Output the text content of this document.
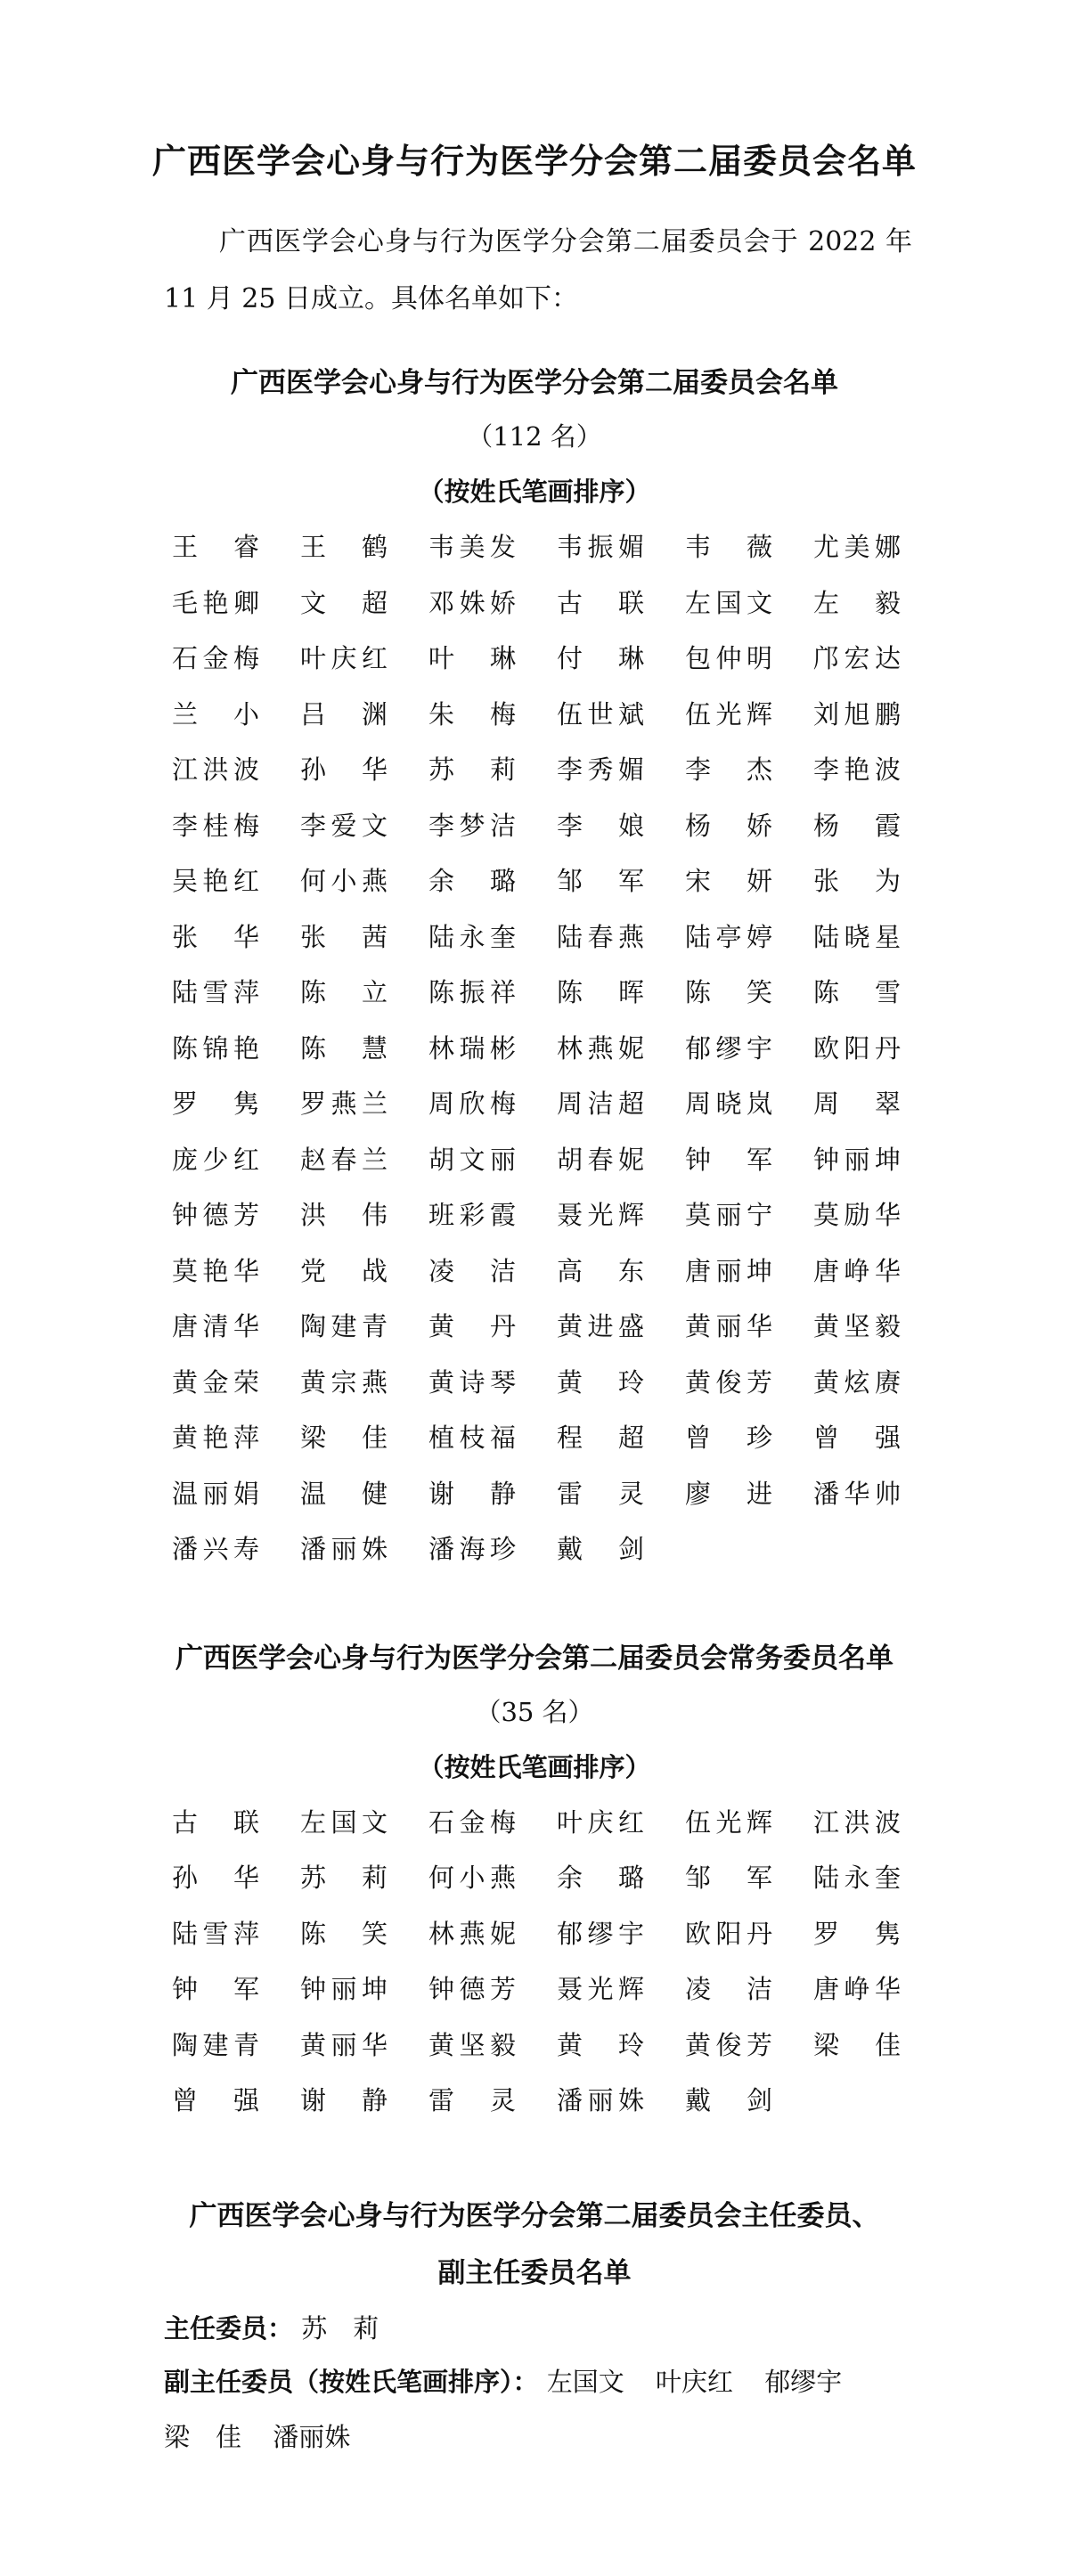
广西医学会心身与行为医学分会第二届委员会名单

广西医学会心身与行为医学分会第二届委员会于 2022 年 11 月 25 日成立。具体名单如下：

广西医学会心身与行为医学分会第二届委员会名单
（112 名）
（按姓氏笔画排序）
王 睿 王 鹤 韦 美 发 韦 振 媚 韦 薇 尤 美 娜
毛 艳 卿 文 超 邓 姝 娇 古 联 左 国 文 左 毅
石 金 梅 叶 庆 红 叶 琳 付 琳 包 仲 明 邝 宏 达
兰 小 吕 渊 朱 梅 伍 世 斌 伍 光 辉 刘 旭 鹏
江 洪 波 孙 华 苏 莉 李 秀 媚 李 杰 李 艳 波
李 桂 梅 李 爱 文 李 梦 洁 李 娘 杨 娇 杨 霞
吴 艳 红 何 小 燕 余 璐 邹 军 宋 妍 张 为
张 华 张 茜 陆 永 奎 陆 春 燕 陆 亭 婷 陆 晓 星
陆 雪 萍 陈 立 陈 振 祥 陈 晖 陈 笑 陈 雪
陈 锦 艳 陈 慧 林 瑞 彬 林 燕 妮 郁 缪 宇 欧 阳 丹
罗 隽 罗 燕 兰 周 欣 梅 周 洁 超 周 晓 岚 周 翠
庞 少 红 赵 春 兰 胡 文 丽 胡 春 妮 钟 军 钟 丽 坤
钟 德 芳 洪 伟 班 彩 霞 聂 光 辉 莫 丽 宁 莫 励 华
莫 艳 华 党 战 凌 洁 高 东 唐 丽 坤 唐 峥 华
唐 清 华 陶 建 青 黄 丹 黄 进 盛 黄 丽 华 黄 坚 毅
黄 金 荣 黄 宗 燕 黄 诗 琴 黄 玲 黄 俊 芳 黄 炫 赓
黄 艳 萍 梁 佳 植 枝 福 程 超 曾 珍 曾 强
温 丽 娟 温 健 谢 静 雷 灵 廖 进 潘 华 帅
潘 兴 寿 潘 丽 姝 潘 海 珍 戴 剑
广西医学会心身与行为医学分会第二届委员会常务委员名单
（35 名）
（按姓氏笔画排序）
古 联 左 国 文 石 金 梅 叶 庆 红 伍 光 辉 江 洪 波
孙 华 苏 莉 何 小 燕 余 璐 邹 军 陆 永 奎
陆 雪 萍 陈 笑 林 燕 妮 郁 缪 宇 欧 阳 丹 罗 隽
钟 军 钟 丽 坤 钟 德 芳 聂 光 辉 凌 洁 唐 峥 华
陶 建 青 黄 丽 华 黄 坚 毅 黄 玲 黄 俊 芳 梁 佳
曾 强 谢 静 雷 灵 潘 丽 姝 戴 剑
广西医学会心身与行为医学分会第二届委员会主任委员、
副主任委员名单

主任委员： 苏　莉

副主任委员（按姓氏笔画排序）： 左国文 叶庆红 郁缪宇

梁　佳 潘丽姝
